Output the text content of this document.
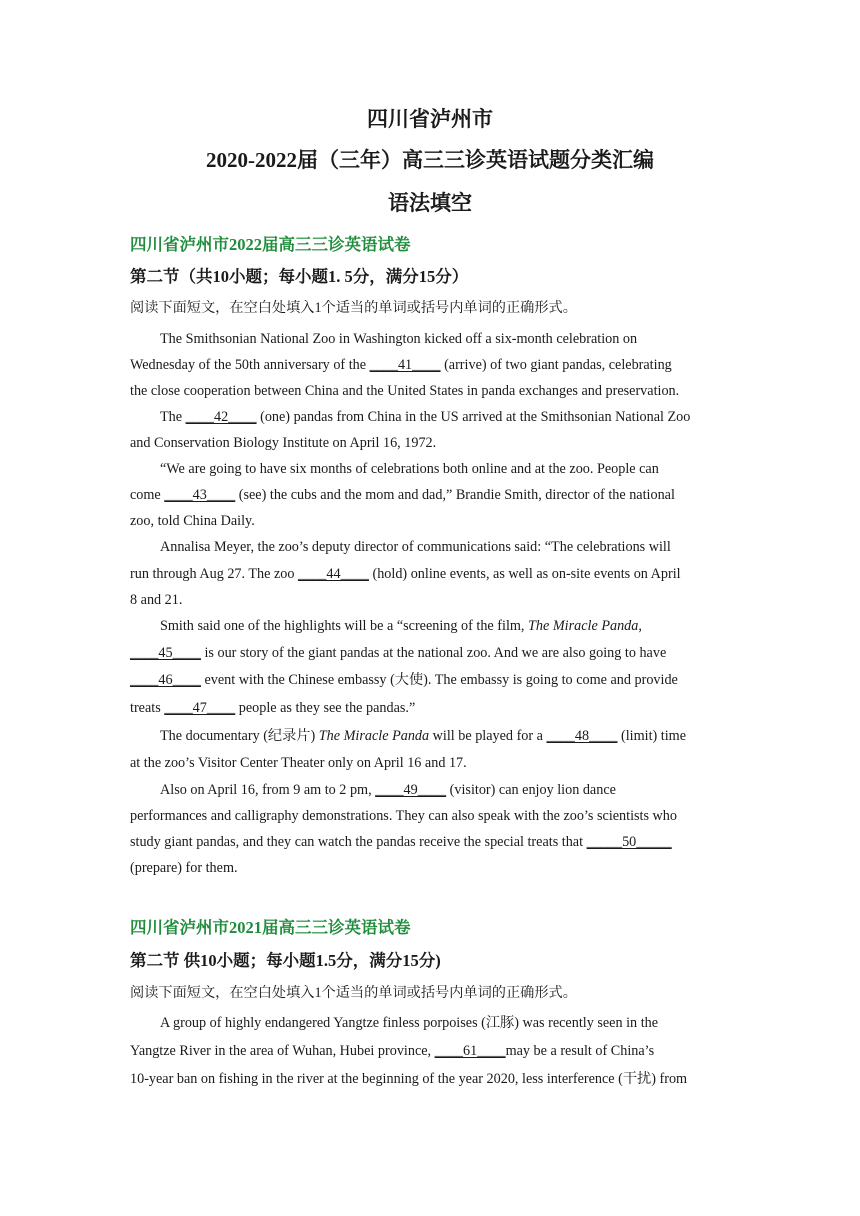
四川省泸州市
2020-2022届（三年）高三三诊英语试题分类汇编
语法填空
四川省泸州市2022届高三三诊英语试卷
第二节（共10小题；每小题1. 5分，满分15分）
阅读下面短文，在空白处填入1个适当的单词或括号内单词的正确形式。
The Smithsonian National Zoo in Washington kicked off a six-month celebration on
Wednesday of the 50th anniversary of the ____41____ (arrive) of two giant pandas, celebrating
the close cooperation between China and the United States in panda exchanges and preservation.
The ____42____ (one) pandas from China in the US arrived at the Smithsonian National Zoo
and Conservation Biology Institute on April 16, 1972.
“We are going to have six months of celebrations both online and at the zoo. People can
come ____43____ (see) the cubs and the mom and dad,” Brandie Smith, director of the national
zoo, told China Daily.
Annalisa Meyer, the zoo’s deputy director of communications said: “The celebrations will
run through Aug 27. The zoo ____44____ (hold) online events, as well as on-site events on April
8 and 21.
Smith said one of the highlights will be a “screening of the film, The Miracle Panda,
____45____ is our story of the giant pandas at the national zoo. And we are also going to have
____46____ event with the Chinese embassy (大使). The embassy is going to come and provide
treats ____47____ people as they see the pandas.”
The documentary (纪录片) The Miracle Panda will be played for a ____48____ (limit) time
at the zoo’s Visitor Center Theater only on April 16 and 17.
Also on April 16, from 9 am to 2 pm, ____49____ (visitor) can enjoy lion dance
performances and calligraphy demonstrations. They can also speak with the zoo’s scientists who
study giant pandas, and they can watch the pandas receive the special treats that _____50_____
(prepare) for them.
四川省泸州市2021届高三三诊英语试卷
第二节 供10小题；每小题1.5分，满分15分)
阅读下面短文，在空白处填入1个适当的单词或括号内单词的正确形式。
A group of highly endangered Yangtze finless porpoises (江豚) was recently seen in the
Yangtze River in the area of Wuhan, Hubei province, ____61____may be a result of China’s
10-year ban on fishing in the river at the beginning of the year 2020, less interference (干扰) from
